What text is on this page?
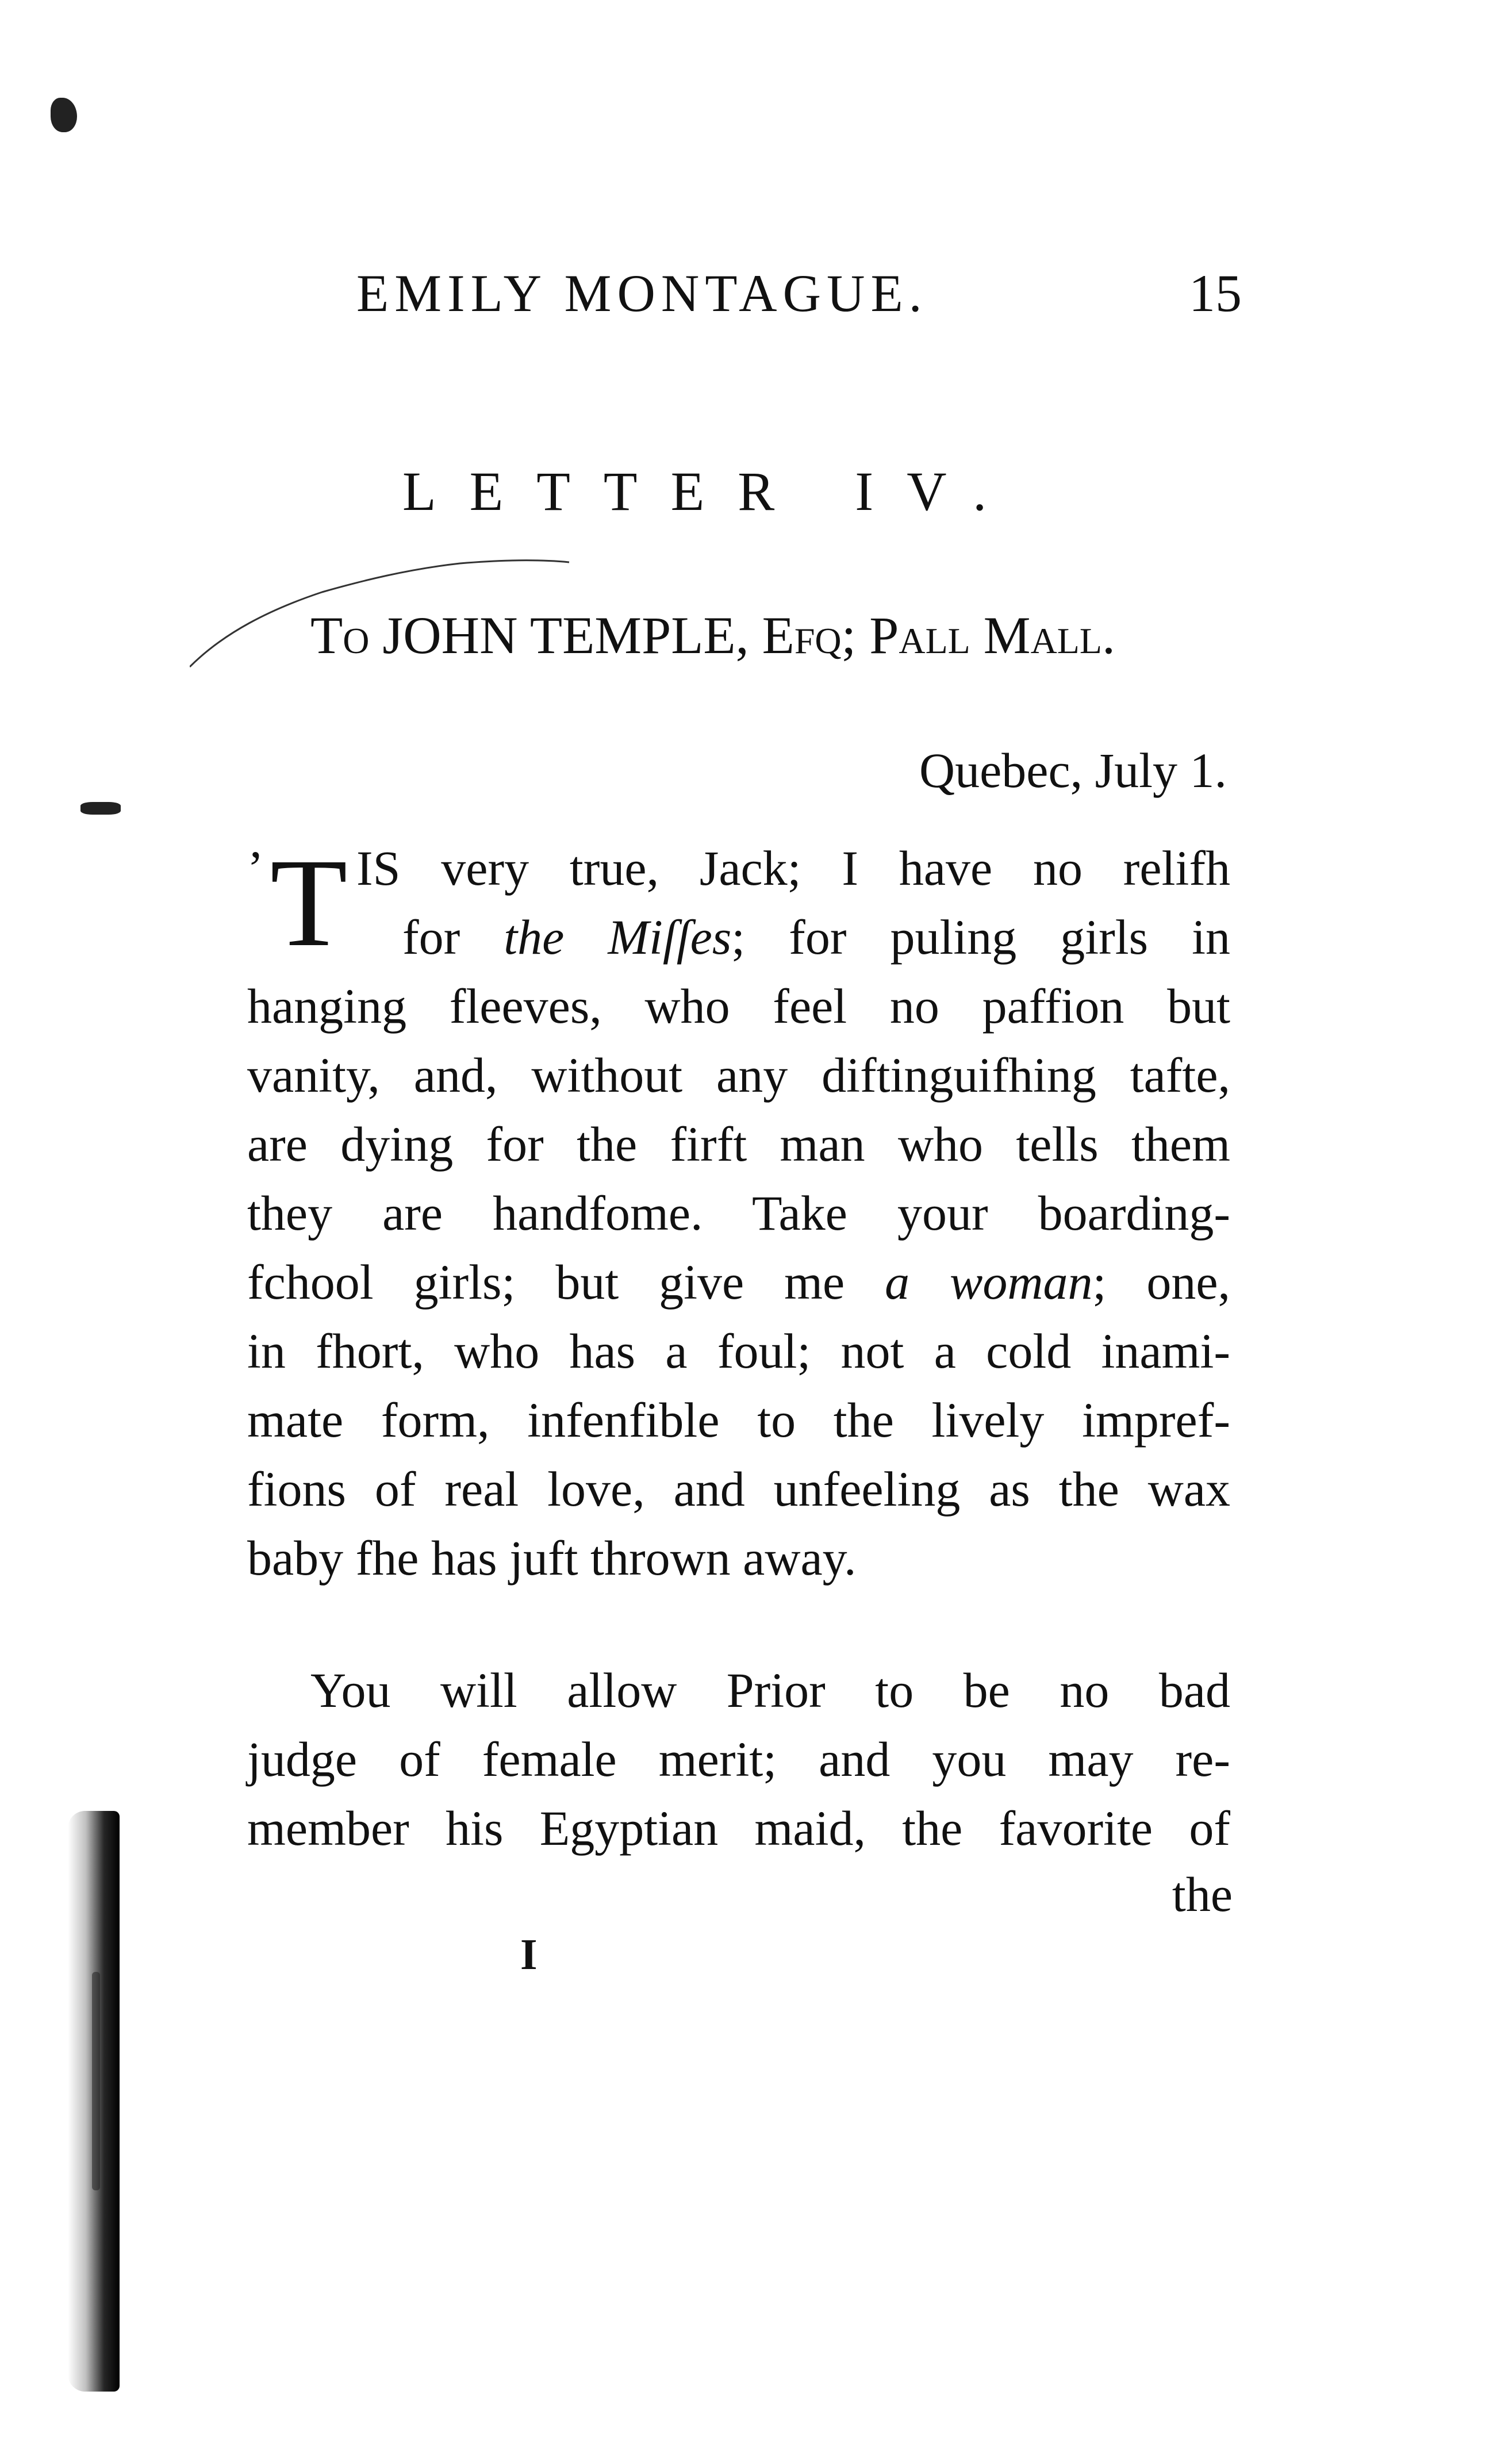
EMILY MONTAGUE.	15
LETTER IV.
To JOHN TEMPLE, Efq; Pall Mall.
Quebec, July 1.
’ T IS very true, Jack; I have no relifh
for the Miſſes; for puling girls in
hanging fleeves, who feel no paffion but
vanity, and, without any diftinguifhing tafte,
are dying for the firft man who tells them
they are handfome. Take your boarding-
fchool girls; but give me a woman; one,
in fhort, who has a foul; not a cold inami-
mate form, infenfible to the lively impref-
fions of real love, and unfeeling as the wax
baby fhe has juft thrown away.
You will allow Prior to be no bad
judge of female merit; and you may re-
member his Egyptian maid, the favorite of
the
I
